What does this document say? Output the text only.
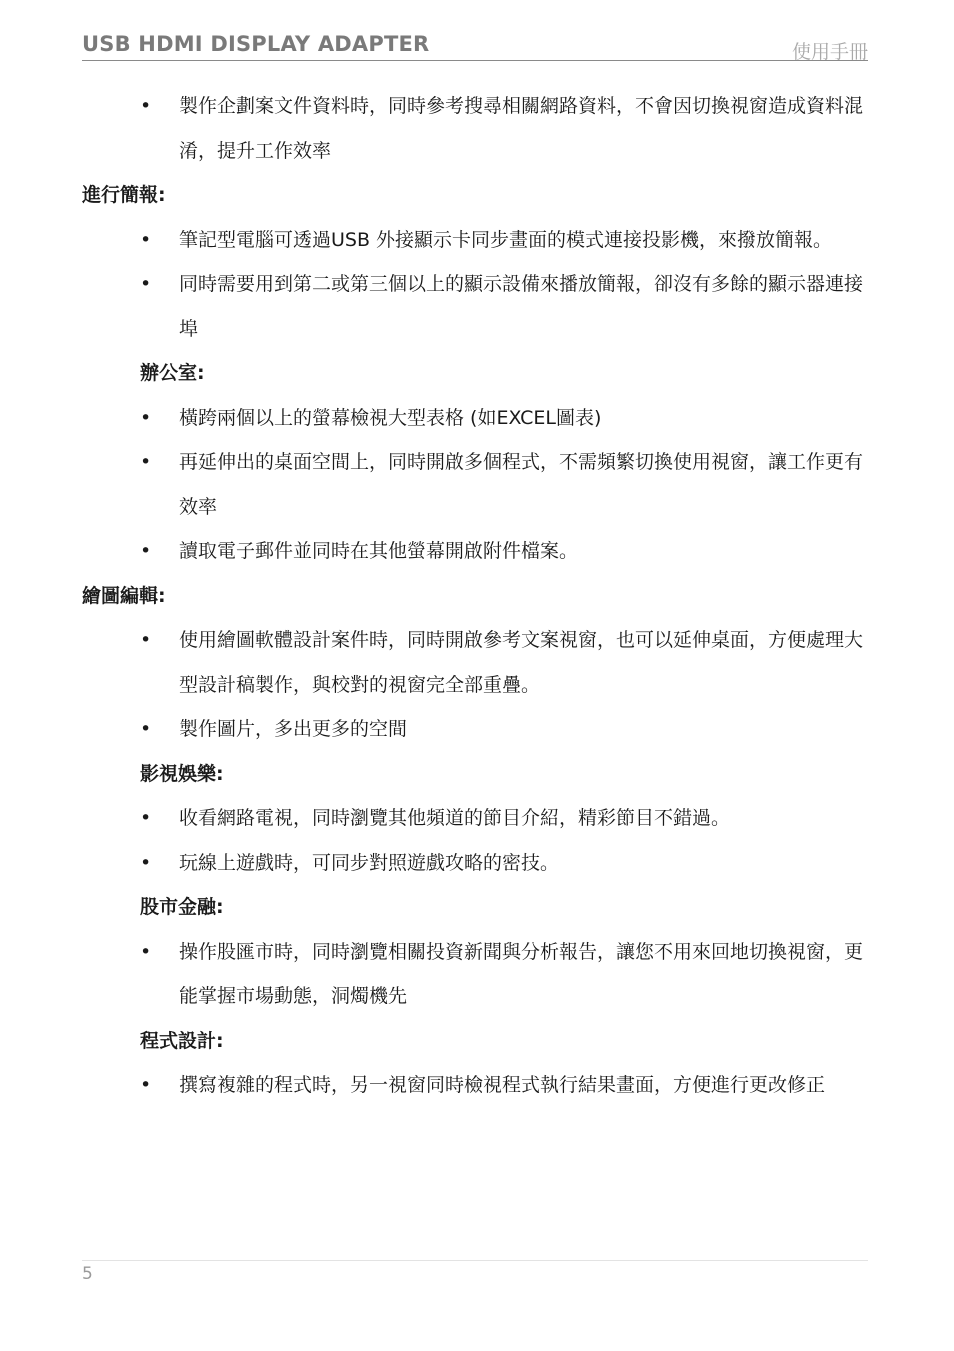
USB HDMI DISPLAY ADAPTER	使用手冊
• 製作企劃案文件資料時，同時參考搜尋相關網路資料，不會因切換視窗造成資料混淆，提升工作效率
進行簡報:
• 筆記型電腦可透過USB 外接顯示卡同步畫面的模式連接投影機，來撥放簡報。
• 同時需要用到第二或第三個以上的顯示設備來播放簡報，卻沒有多餘的顯示器連接埠
辦公室:
• 橫跨兩個以上的螢幕檢視大型表格 (如EXCEL圖表)
• 再延伸出的桌面空間上，同時開啟多個程式，不需頻繁切換使用視窗，讓工作更有效率
• 讀取電子郵件並同時在其他螢幕開啟附件檔案。
繪圖編輯:
• 使用繪圖軟體設計案件時，同時開啟參考文案視窗，也可以延伸桌面，方便處理大型設計稿製作，與校對的視窗完全部重疊。
• 製作圖片，多出更多的空間
影視娛樂:
• 收看網路電視，同時瀏覽其他頻道的節目介紹，精彩節目不錯過。
• 玩線上遊戲時，可同步對照遊戲攻略的密技。
股市金融:
• 操作股匯市時，同時瀏覽相關投資新聞與分析報告，讓您不用來回地切換視窗，更能掌握市場動態，洞燭機先
程式設計:
• 撰寫複雜的程式時，另一視窗同時檢視程式執行結果畫面，方便進行更改修正
5
